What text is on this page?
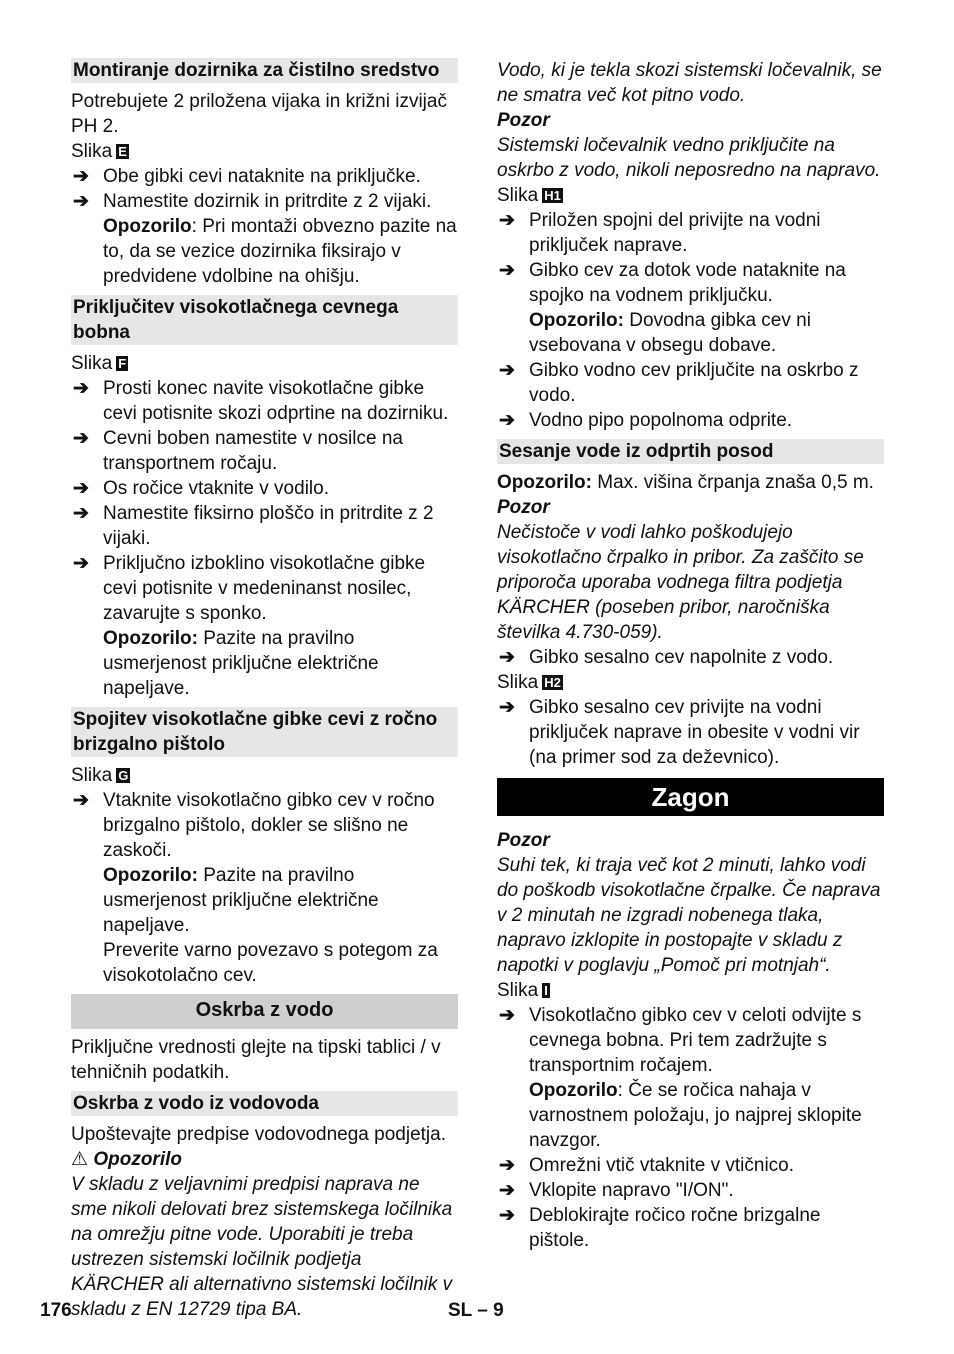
Montiranje dozirnika za čistilno sredstvo

Potrebujete 2 priložena vijaka in križni izvijač PH 2.

Slika E

➔ Obe gibki cevi nataknite na priključke.

➔ Namestite dozirnik in pritrdite z 2 vijaki.

Opozorilo: Pri montaži obvezno pazite na to, da se vezice dozirnika fiksirajo v predvidene vdolbine na ohišju.

Priključitev visokotlačnega cevnega bobna

Slika F

➔ Prosti konec navite visokotlačne gibke cevi potisnite skozi odprtine na dozirniku.

➔ Cevni boben namestite v nosilce na transportnem ročaju.

➔ Os ročice vtaknite v vodilo.

➔ Namestite fiksirno ploščo in pritrdite z 2 vijaki.

➔ Priključno izboklino visokotlačne gibke cevi potisnite v medeninanst nosilec, zavarujte s sponko.

Opozorilo: Pazite na pravilno usmerjenost priključne električne napeljave.

Spojitev visokotlačne gibke cevi z ročno brizgalno pištolo

Slika G

➔ Vtaknite visokotlačno gibko cev v ročno brizgalno pištolo, dokler se slišno ne zaskoči.

Opozorilo: Pazite na pravilno usmerjenost priključne električne napeljave.

Preverite varno povezavo s potegom za visokotolačno cev.

Oskrba z vodo

Priključne vrednosti glejte na tipski tablici / v tehničnih podatkih.

Oskrba z vodo iz vodovoda

Upoštevajte predpise vodovodnega podjetja.

⚠ Opozorilo

V skladu z veljavnimi predpisi naprava ne sme nikoli delovati brez sistemskega ločilnika na omrežju pitne vode. Uporabiti je treba ustrezen sistemski ločilnik podjetja KÄRCHER ali alternativno sistemski ločilnik v skladu z EN 12729 tipa BA.

Vodo, ki je tekla skozi sistemski ločevalnik, se ne smatra več kot pitno vodo.

Pozor

Sistemski ločevalnik vedno priključite na oskrbo z vodo, nikoli neposredno na napravo.

Slika H1

➔ Priložen spojni del privijte na vodni priključek naprave.

➔ Gibko cev za dotok vode nataknite na spojko na vodnem priključku.

Opozorilo: Dovodna gibka cev ni vsebovana v obsegu dobave.

➔ Gibko vodno cev priključite na oskrbo z vodo.

➔ Vodno pipo popolnoma odprite.

Sesanje vode iz odprtih posod

Opozorilo: Max. višina črpanja znaša 0,5 m.

Pozor

Nečistoče v vodi lahko poškodujejo visokotlačno črpalko in pribor. Za zaščito se priporoča uporaba vodnega filtra podjetja KÄRCHER (poseben pribor, naročniška številka 4.730-059).

➔ Gibko sesalno cev napolnite z vodo.

Slika H2

➔ Gibko sesalno cev privijte na vodni priključek naprave in obesite v vodni vir (na primer sod za deževnico).

Zagon

Pozor

Suhi tek, ki traja več kot 2 minuti, lahko vodi do poškodb visokotlačne črpalke. Če naprava v 2 minutah ne izgradi nobenega tlaka, napravo izklopite in postopajte v skladu z napotki v poglavju „Pomoč pri motnjah“.

Slika I

➔ Visokotlačno gibko cev v celoti odvijte s cevnega bobna. Pri tem zadržujte s transportnim ročajem.

Opozorilo: Če se ročica nahaja v varnostnem položaju, jo najprej sklopite navzgor.

➔ Omrežni vtič vtaknite v vtičnico.

➔ Vklopite napravo "I/ON".

➔ Deblokirajte ročico ročne brizgalne pištole.

176	SL – 9
